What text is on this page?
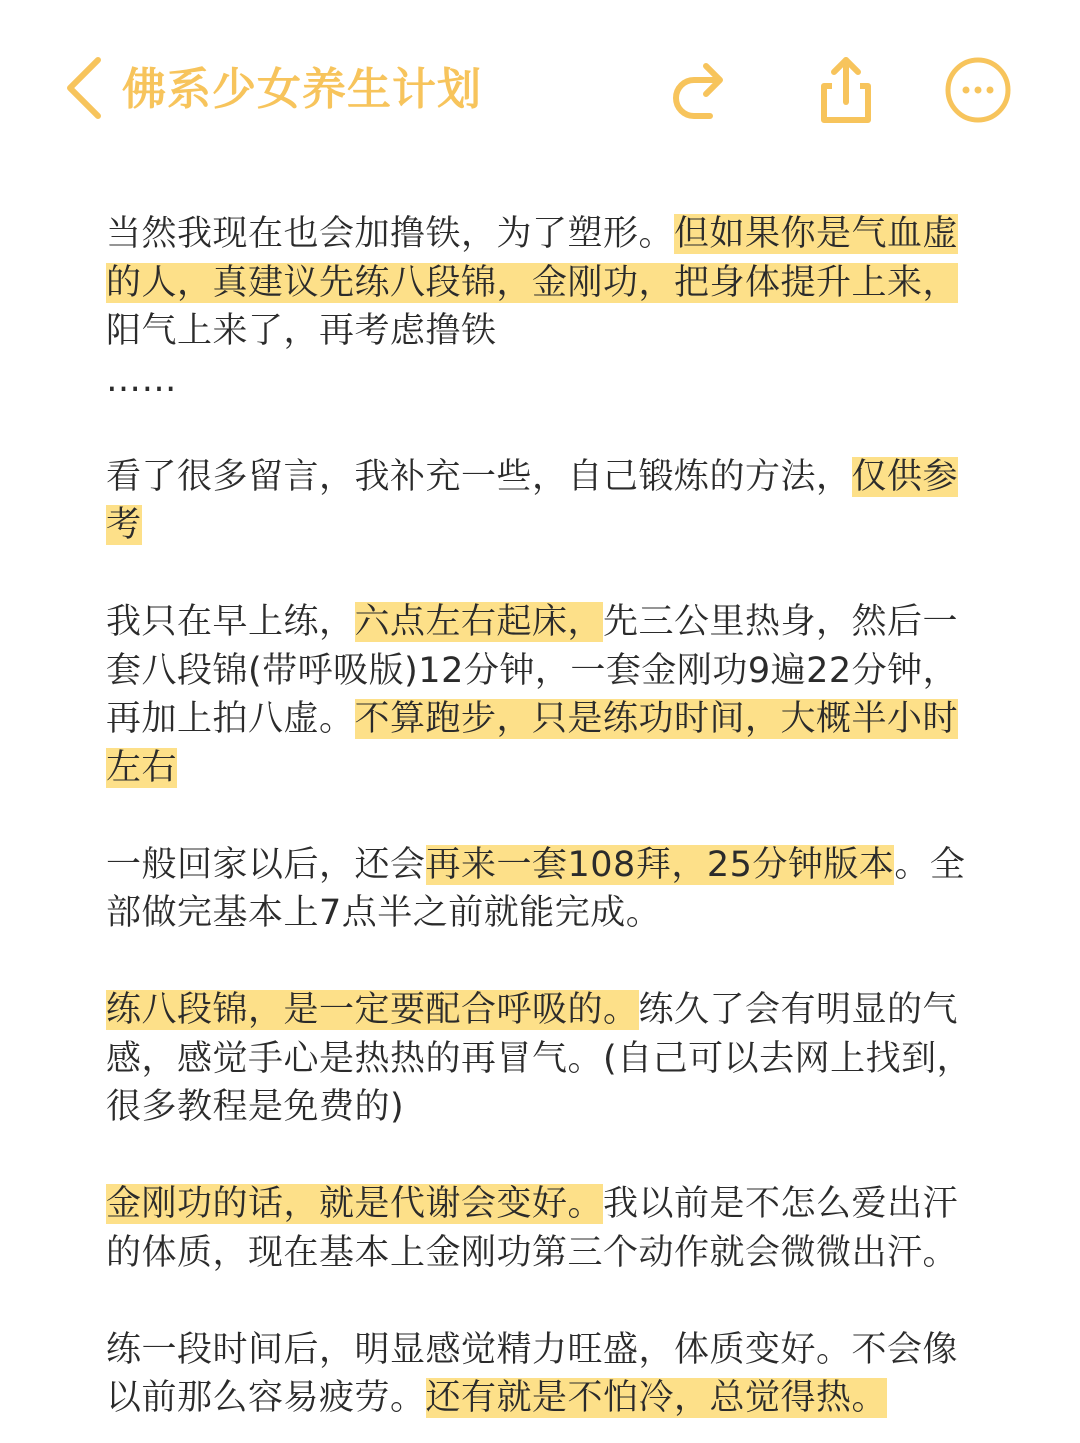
佛系少女养生计划

当然我现在也会加撸铁，为了塑形。但如果你是气血虚的人，真建议先练八段锦，金刚功，把身体提升上来，阳气上来了，再考虑撸铁

……

看了很多留言，我补充一些，自己锻炼的方法，仅供参考

我只在早上练，六点左右起床，先三公里热身，然后一套八段锦(带呼吸版)12分钟，一套金刚功9遍22分钟，再加上拍八虚。不算跑步，只是练功时间，大概半小时左右

一般回家以后，还会再来一套108拜，25分钟版本。全部做完基本上7点半之前就能完成。

练八段锦，是一定要配合呼吸的。练久了会有明显的气感，感觉手心是热热的再冒气。(自己可以去网上找到，很多教程是免费的)

金刚功的话，就是代谢会变好。我以前是不怎么爱出汗的体质，现在基本上金刚功第三个动作就会微微出汗。

练一段时间后，明显感觉精力旺盛，体质变好。不会像以前那么容易疲劳。还有就是不怕冷，总觉得热。
